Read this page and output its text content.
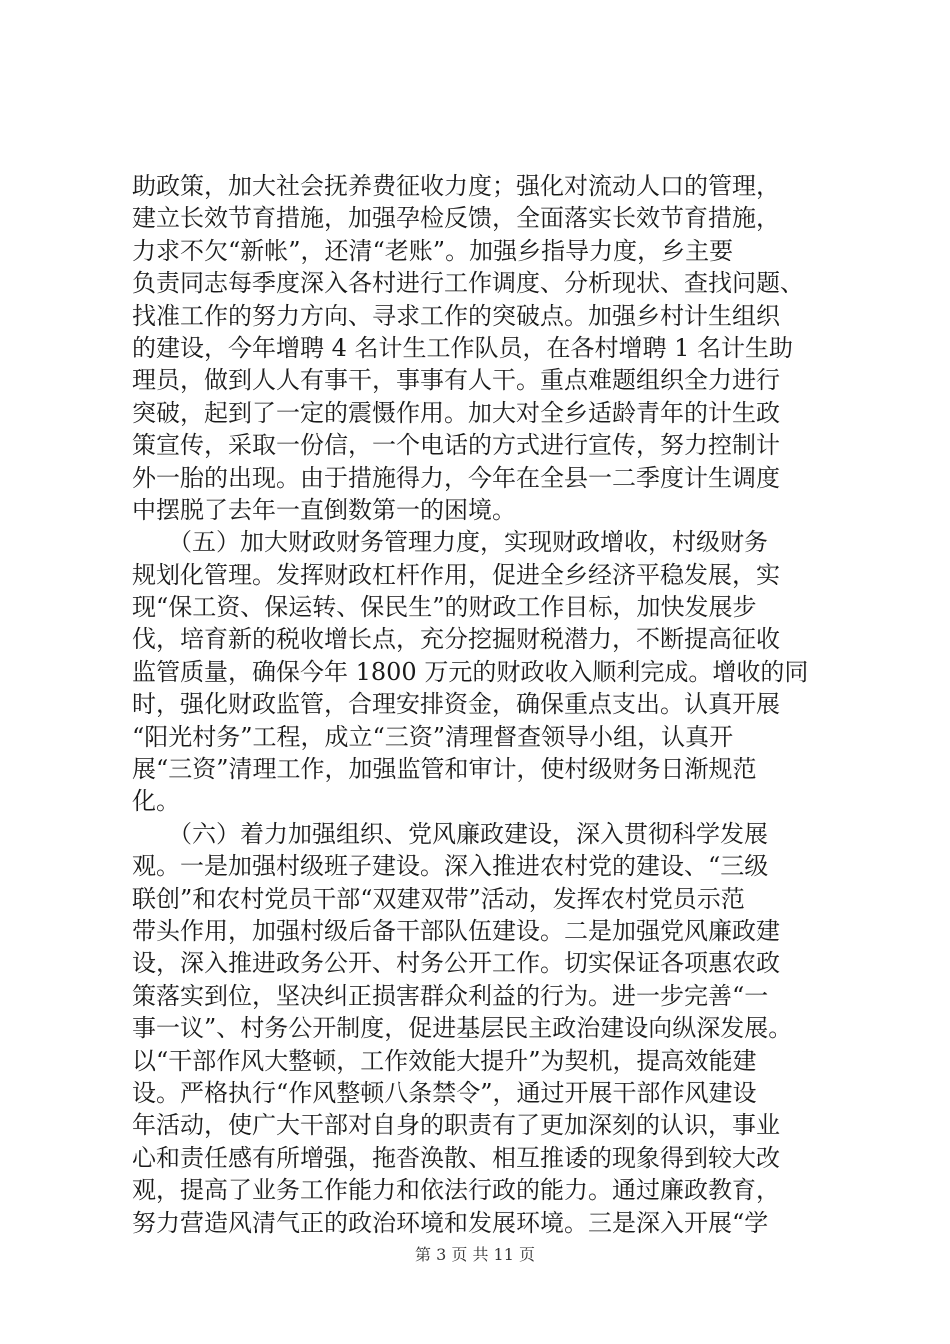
助政策，加大社会抚养费征收力度；强化对流动人口的管理，
建立长效节育措施，加强孕检反馈，全面落实长效节育措施，
力求不欠“新帐”，还清“老账”。加强乡指导力度，乡主要
负责同志每季度深入各村进行工作调度、分析现状、查找问题、
找准工作的努力方向、寻求工作的突破点。加强乡村计生组织
的建设，今年增聘 4 名计生工作队员，在各村增聘 1 名计生助
理员，做到人人有事干，事事有人干。重点难题组织全力进行
突破，起到了一定的震慑作用。加大对全乡适龄青年的计生政
策宣传，采取一份信，一个电话的方式进行宣传，努力控制计
外一胎的出现。由于措施得力，今年在全县一二季度计生调度
中摆脱了去年一直倒数第一的困境。
　　（五）加大财政财务管理力度，实现财政增收，村级财务
规划化管理。发挥财政杠杆作用，促进全乡经济平稳发展，实
现“保工资、保运转、保民生”的财政工作目标，加快发展步
伐，培育新的税收增长点，充分挖掘财税潜力，不断提高征收
监管质量，确保今年 1800 万元的财政收入顺利完成。增收的同
时，强化财政监管，合理安排资金，确保重点支出。认真开展
“阳光村务”工程，成立“三资”清理督查领导小组，认真开
展“三资”清理工作，加强监管和审计，使村级财务日渐规范
化。
　　（六）着力加强组织、党风廉政建设，深入贯彻科学发展
观。一是加强村级班子建设。深入推进农村党的建设、“三级
联创”和农村党员干部“双建双带”活动，发挥农村党员示范
带头作用，加强村级后备干部队伍建设。二是加强党风廉政建
设，深入推进政务公开、村务公开工作。切实保证各项惠农政
策落实到位，坚决纠正损害群众利益的行为。进一步完善“一
事一议”、村务公开制度，促进基层民主政治建设向纵深发展。
以“干部作风大整顿，工作效能大提升”为契机，提高效能建
设。严格执行“作风整顿八条禁令”，通过开展干部作风建设
年活动，使广大干部对自身的职责有了更加深刻的认识，事业
心和责任感有所增强，拖沓涣散、相互推诿的现象得到较大改
观，提高了业务工作能力和依法行政的能力。通过廉政教育，
努力营造风清气正的政治环境和发展环境。三是深入开展“学
第 3 页 共 11 页
